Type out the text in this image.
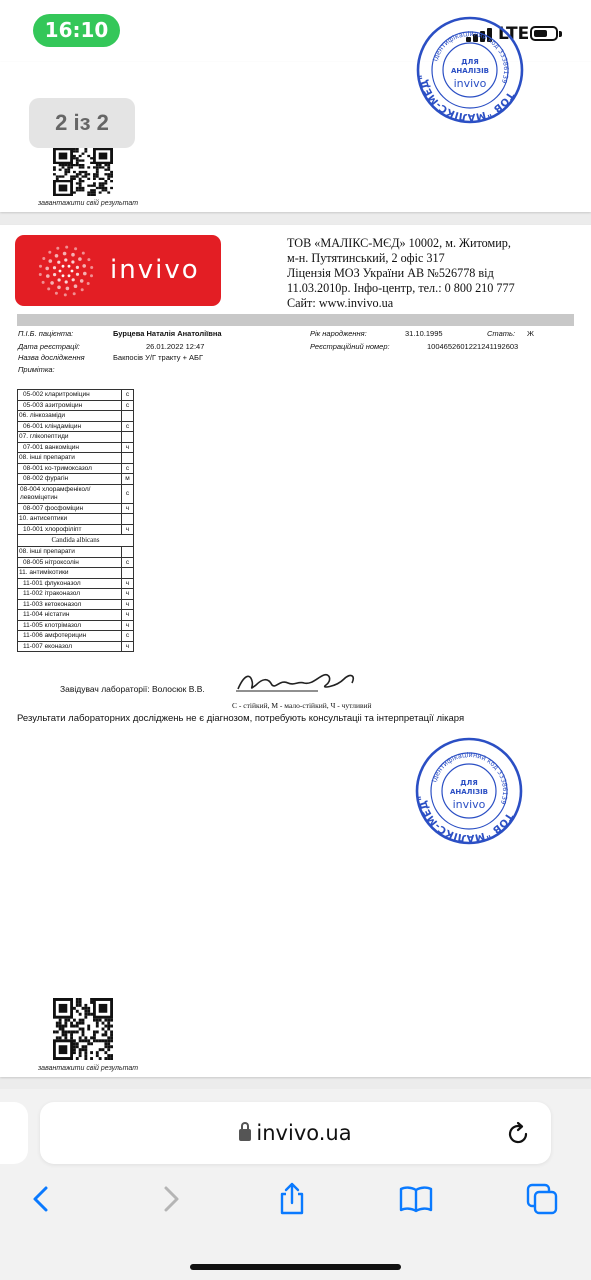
16:10	LTE
ТОВ "МАЛІКС-МЕД"
Ідентифікаційний код 33386139
ДЛЯ
АНАЛІЗІВ
invivo
2 із 2
завантажити свій результат
invivo
ТОВ «МАЛІКС-МЄД» 10002, м. Житомир,
м-н. Путятинський, 2 офіс 317
Ліцензія МОЗ України АВ №526778 від
11.03.2010р. Інфо-центр, тел.: 0 800 210 777
Сайт: www.invivo.ua
П.І.Б. пацієнта:	Бурцева Наталія Анатоліївна	Рік народження:	31.10.1995	Стать: Ж
Дата реєстрації:	26.01.2022 12:47	Реєстраційний номер:	1004652601221241192603
Назва дослідження	Бакпосів У/Г тракту + АБГ
Примітка:
05-002 кларитроміцин	с
05-003 азитроміцин	с
06. лінкозаміди	
06-001 кліндаміцин	с
07. глікопептиди	
07-001 ванкоміцин	ч
08. інші препарати	
08-001 ко-тримоксазол	с
08-002 фурагін	м
08-004 хлорамфенікол/левоміцетин	с
08-007 фосфоміцин	ч
10. антисептики	
10-001 хлорофіліпт	ч
Candida albicans	
08. інші препарати	
08-005 нітроксолін	с
11. антимікотики	
11-001 флуконазол	ч
11-002 ітраконазол	ч
11-003 кетоконазол	ч
11-004 ністатин	ч
11-005 клотрімазол	ч
11-006 амфотерицин	с
11-007 еконазол	ч
Завідувач лабораторії: Волосюк В.В.
С - стійкий, М - мало-стійкий, Ч - чутливий
Результати лабораторних досліджень не є діагнозом, потребують консультаціі та інтерпретації лікаря
ТОВ "МАЛІКС-МЕД"
Ідентифікаційний код 33386139
ДЛЯ
АНАЛІЗІВ
invivo
завантажити свій результат
invivo.ua
